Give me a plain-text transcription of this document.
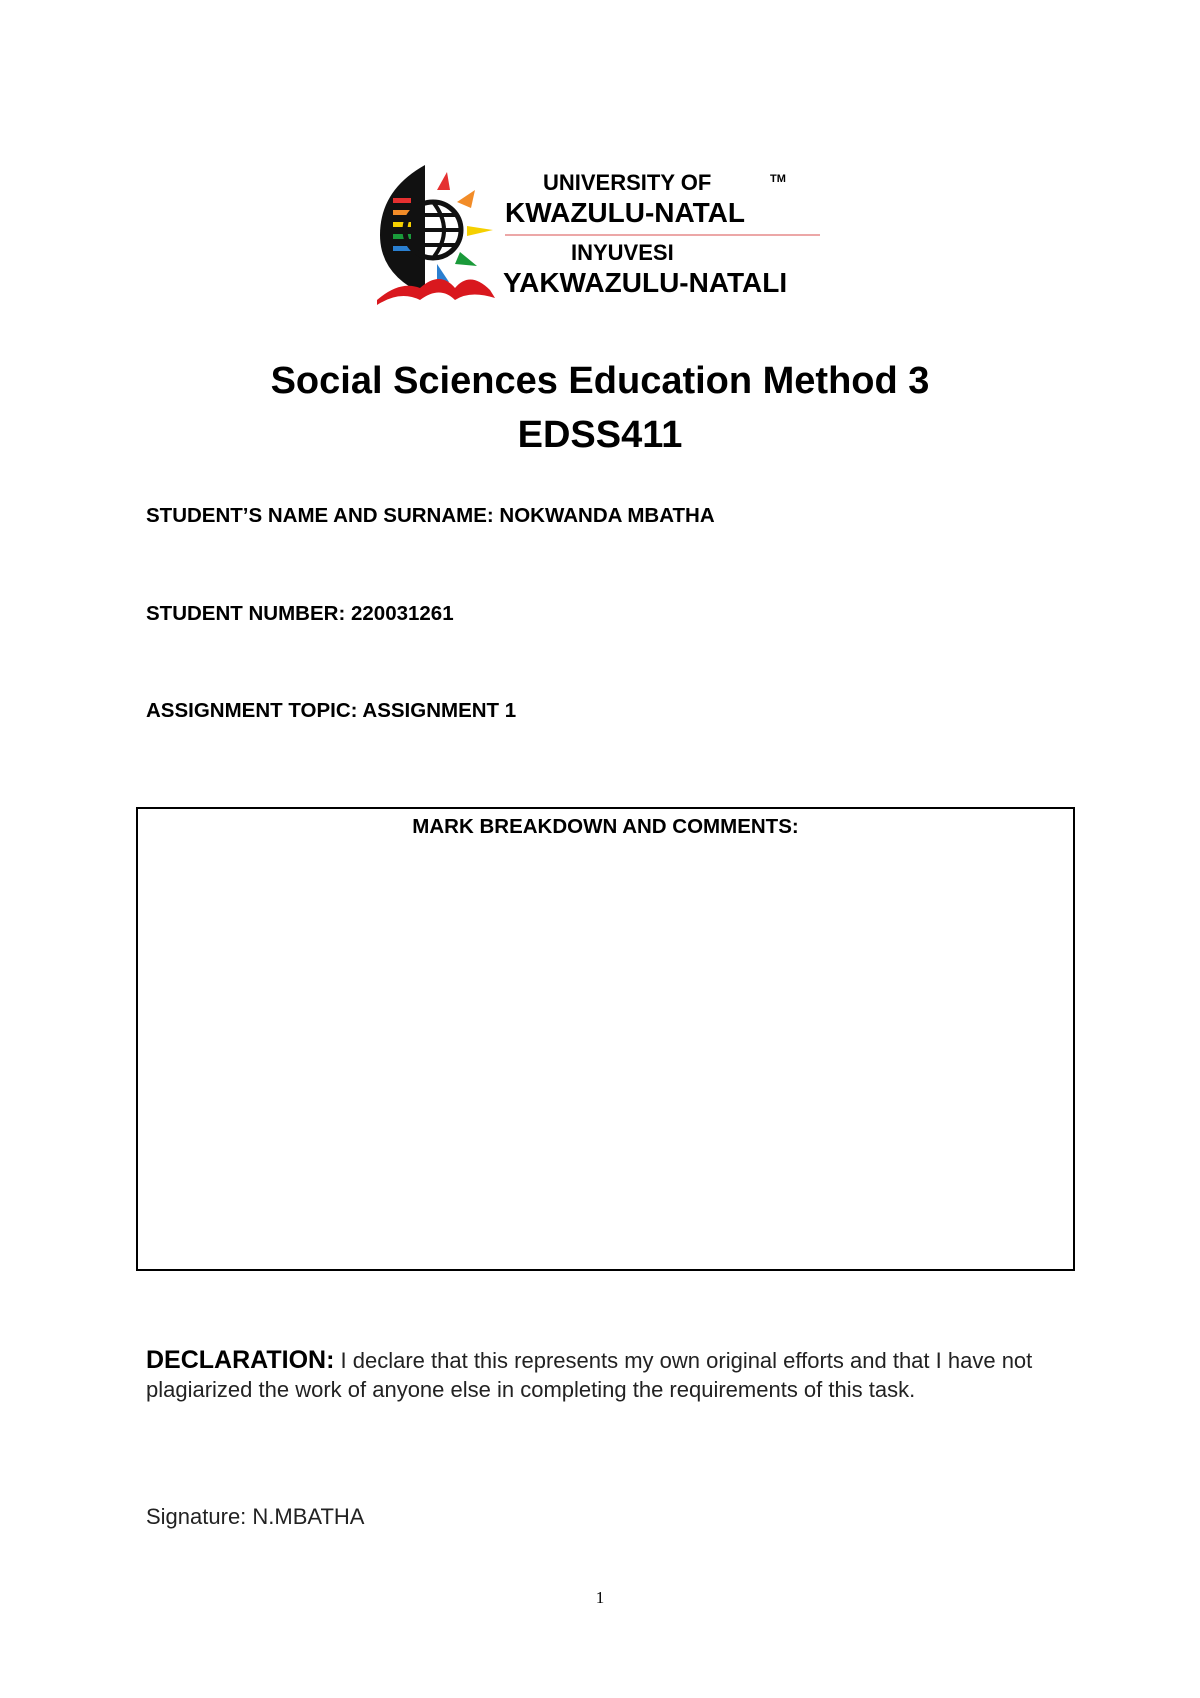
UNIVERSITY OF	TM
KWAZULU-NATAL
INYUVESI
YAKWAZULU-NATALI
Social Sciences Education Method 3
EDSS411
STUDENT’S NAME AND SURNAME: NOKWANDA MBATHA
STUDENT NUMBER: 220031261
ASSIGNMENT TOPIC: ASSIGNMENT 1
MARK BREAKDOWN AND COMMENTS:
DECLARATION: I declare that this represents my own original efforts and that I have not plagiarized the work of anyone else in completing the requirements of this task.
Signature: N.MBATHA
1
